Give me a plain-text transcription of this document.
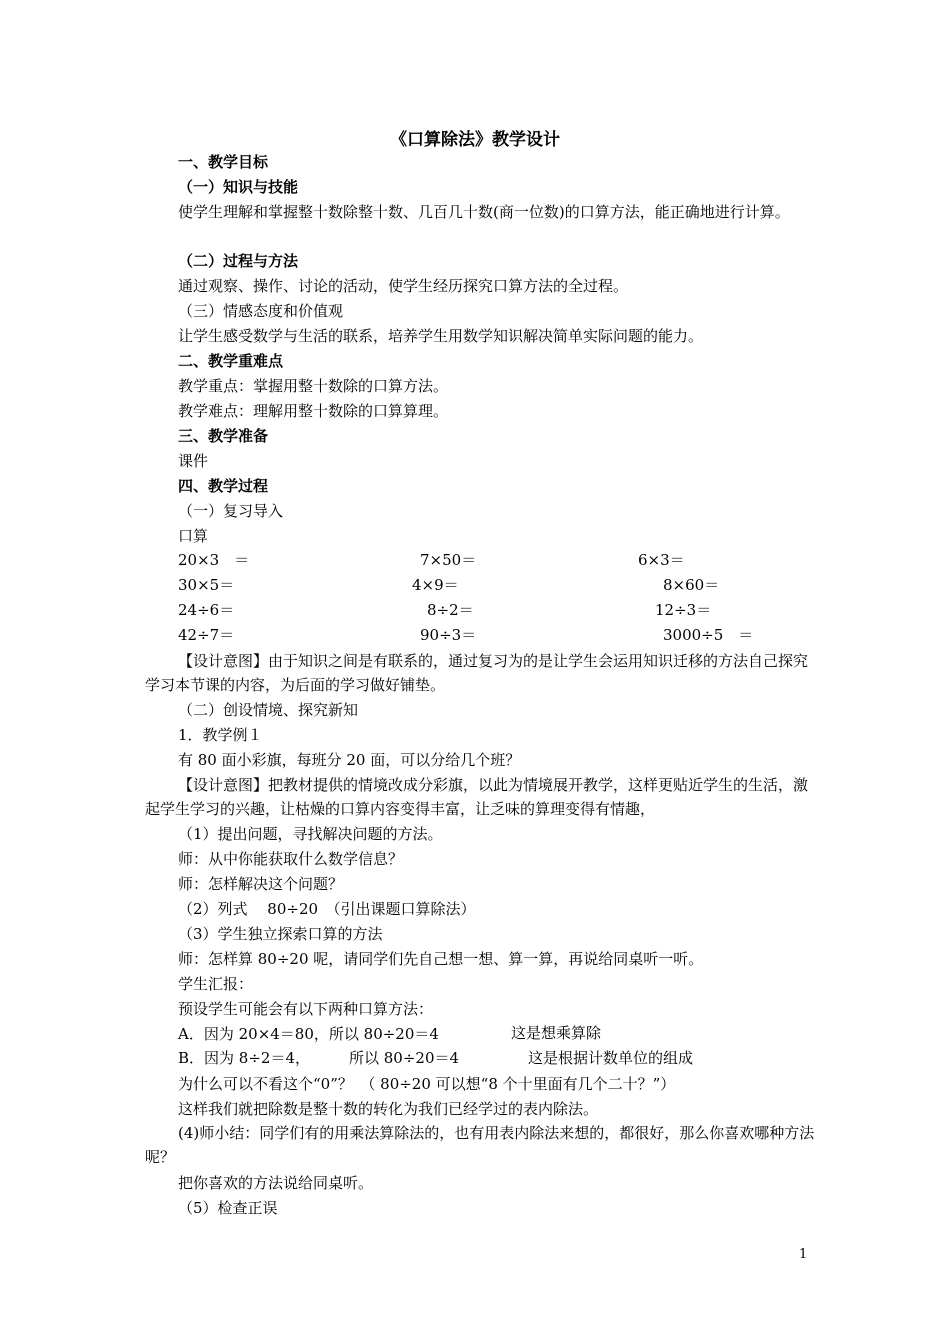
《口算除法》教学设计
一、教学目标
（一）知识与技能
使学生理解和掌握整十数除整十数、几百几十数(商一位数)的口算方法，能正确地进行计算。
（二）过程与方法
通过观察、操作、讨论的活动，使学生经历探究口算方法的全过程。
（三）情感态度和价值观
让学生感受数学与生活的联系，培养学生用数学知识解决简单实际问题的能力。
二、教学重难点
教学重点：掌握用整十数除的口算方法。
教学难点：理解用整十数除的口算算理。
三、教学准备
课件
四、教学过程
（一）复习导入
口算
20×3　＝	7×50＝	6×3＝
30×5＝	4×9＝	8×60＝
24÷6＝	8÷2＝	12÷3＝
42÷7＝	90÷3＝	3000÷5　＝
【设计意图】由于知识之间是有联系的，通过复习为的是让学生会运用知识迁移的方法自己探究学习本节课的内容，为后面的学习做好铺垫。
（二）创设情境、探究新知
1．教学例１
有 80 面小彩旗，每班分 20 面，可以分给几个班？
【设计意图】把教材提供的情境改成分彩旗，以此为情境展开教学，这样更贴近学生的生活，激起学生学习的兴趣，让枯燥的口算内容变得丰富，让乏味的算理变得有情趣，
（1）提出问题，寻找解决问题的方法。
师：从中你能获取什么数学信息？
师：怎样解决这个问题？
（2）列式　 80÷20　（引出课题口算除法）
（3）学生独立探索口算的方法
师：怎样算 80÷20 呢，请同学们先自己想一想、算一算，再说给同桌听一听。
学生汇报：
预设学生可能会有以下两种口算方法：
A．因为 20×4＝80，所以 80÷20＝4	这是想乘算除
B．因为 8÷2＝4，	所以 80÷20＝4	这是根据计数单位的组成
为什么可以不看这个“0”？　（ 80÷20 可以想“8 个十里面有几个二十？”）
这样我们就把除数是整十数的转化为我们已经学过的表内除法。
(4)师小结：同学们有的用乘法算除法的，也有用表内除法来想的，都很好，那么你喜欢哪种方法呢？
把你喜欢的方法说给同桌听。
（5）检查正误
1
